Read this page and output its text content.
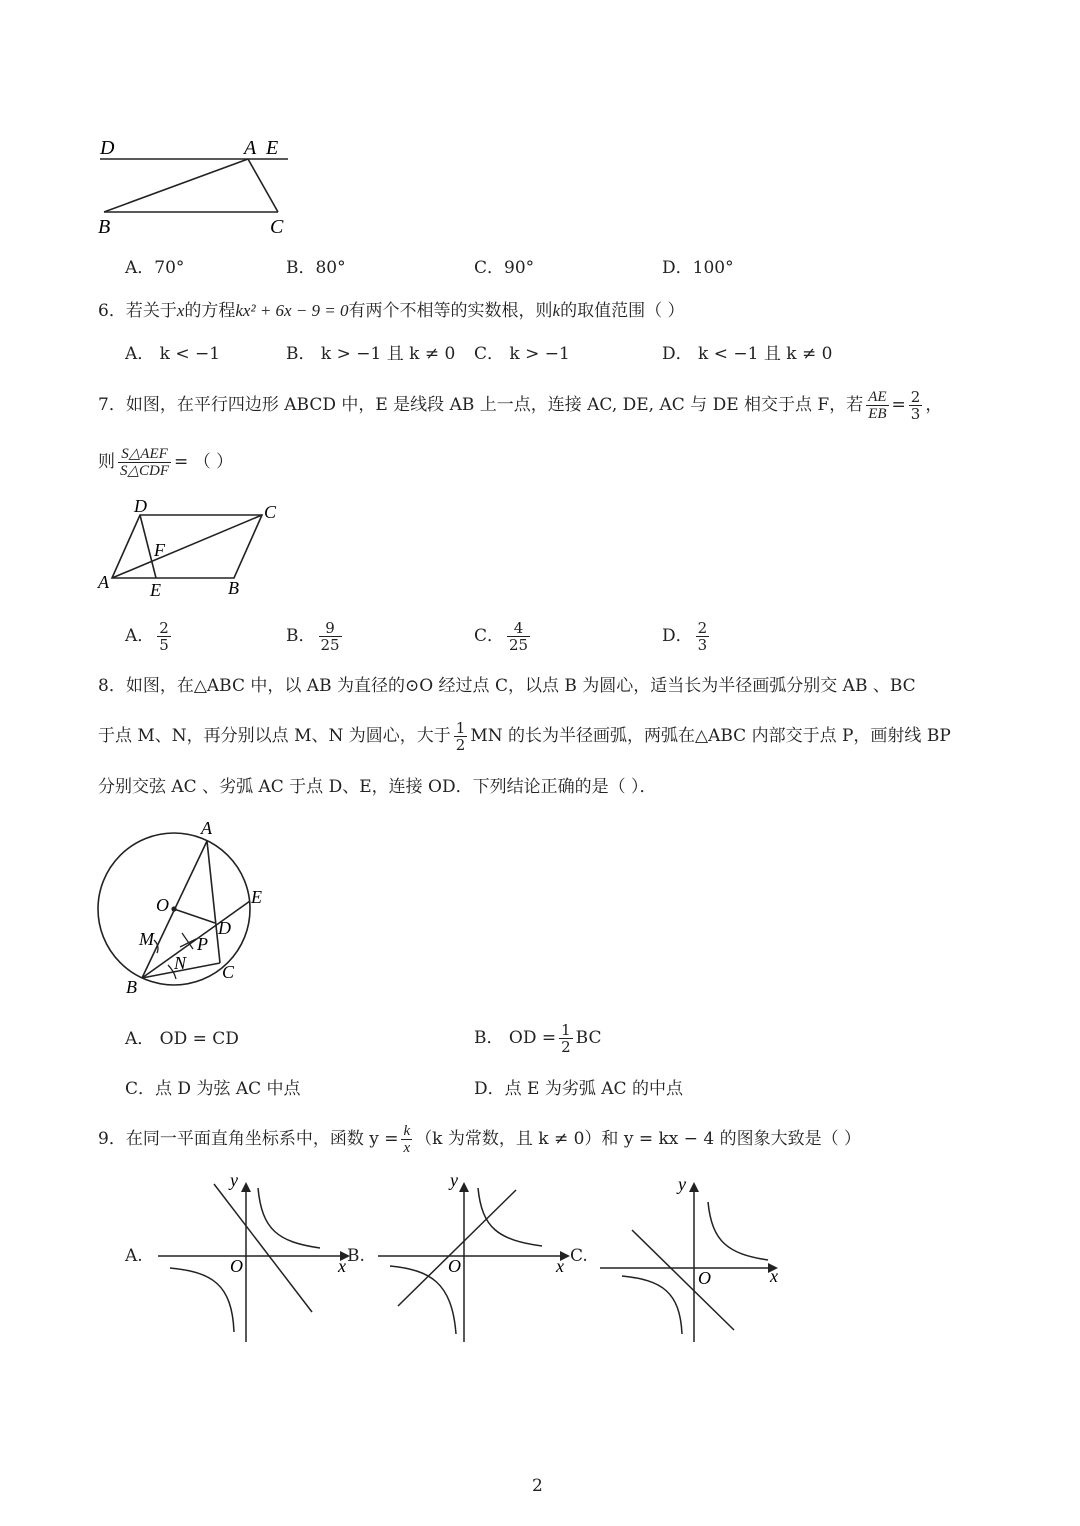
D	A E
B	C
A．70°	B．80°	C．90°	D．100°
6．若关于x的方程kx² + 6x − 9 = 0有两个不相等的实数根，则k的取值范围（ ）
A． k < −1	B． k > −1 且 k ≠ 0 C． k > −1	D． k < −1 且 k ≠ 0
7．如图，在平行四边形 ABCD 中，E 是线段 AB 上一点，连接 AC, DE, AC 与 DE 相交于点 F，若 $\frac{AE}{EB} = \frac{2}{3}$ ，
则 $\frac{\text{S△AEF}}{\text{S△CDF}}$ = （ ）
D	C
F
A E	B
A． $\frac{2}{5}$	B． $\frac{9}{25}$	C． $\frac{4}{25}$	D． $\frac{2}{3}$
8．如图，在△ABC 中，以 AB 为直径的⊙O 经过点 C，以点 B 为圆心，适当长为半径画弧分别交 AB 、BC
于点 M、N，再分别以点 M、N 为圆心，大于 $\frac{1}{2}$ MN 的长为半径画弧，两弧在△ABC 内部交于点 P，画射线 BP
分别交弦 AC 、劣弧 AC 于点 D、E，连接 OD．下列结论正确的是（ ）．
A
O	E
D
M P
N C
B
A． OD = CD	B． OD = $\frac{1}{2}$ BC
C．点 D 为弦 AC 中点	D．点 E 为劣弧 AC 的中点
9．在同一平面直角坐标系中，函数 $y = \frac{k}{x} (k$ 为常数，且 k ≠ 0）和 y = kx − 4 的图象大致是（ ）
A.
y
x
O	B.
y
x
O	C.
y
x
O
2
